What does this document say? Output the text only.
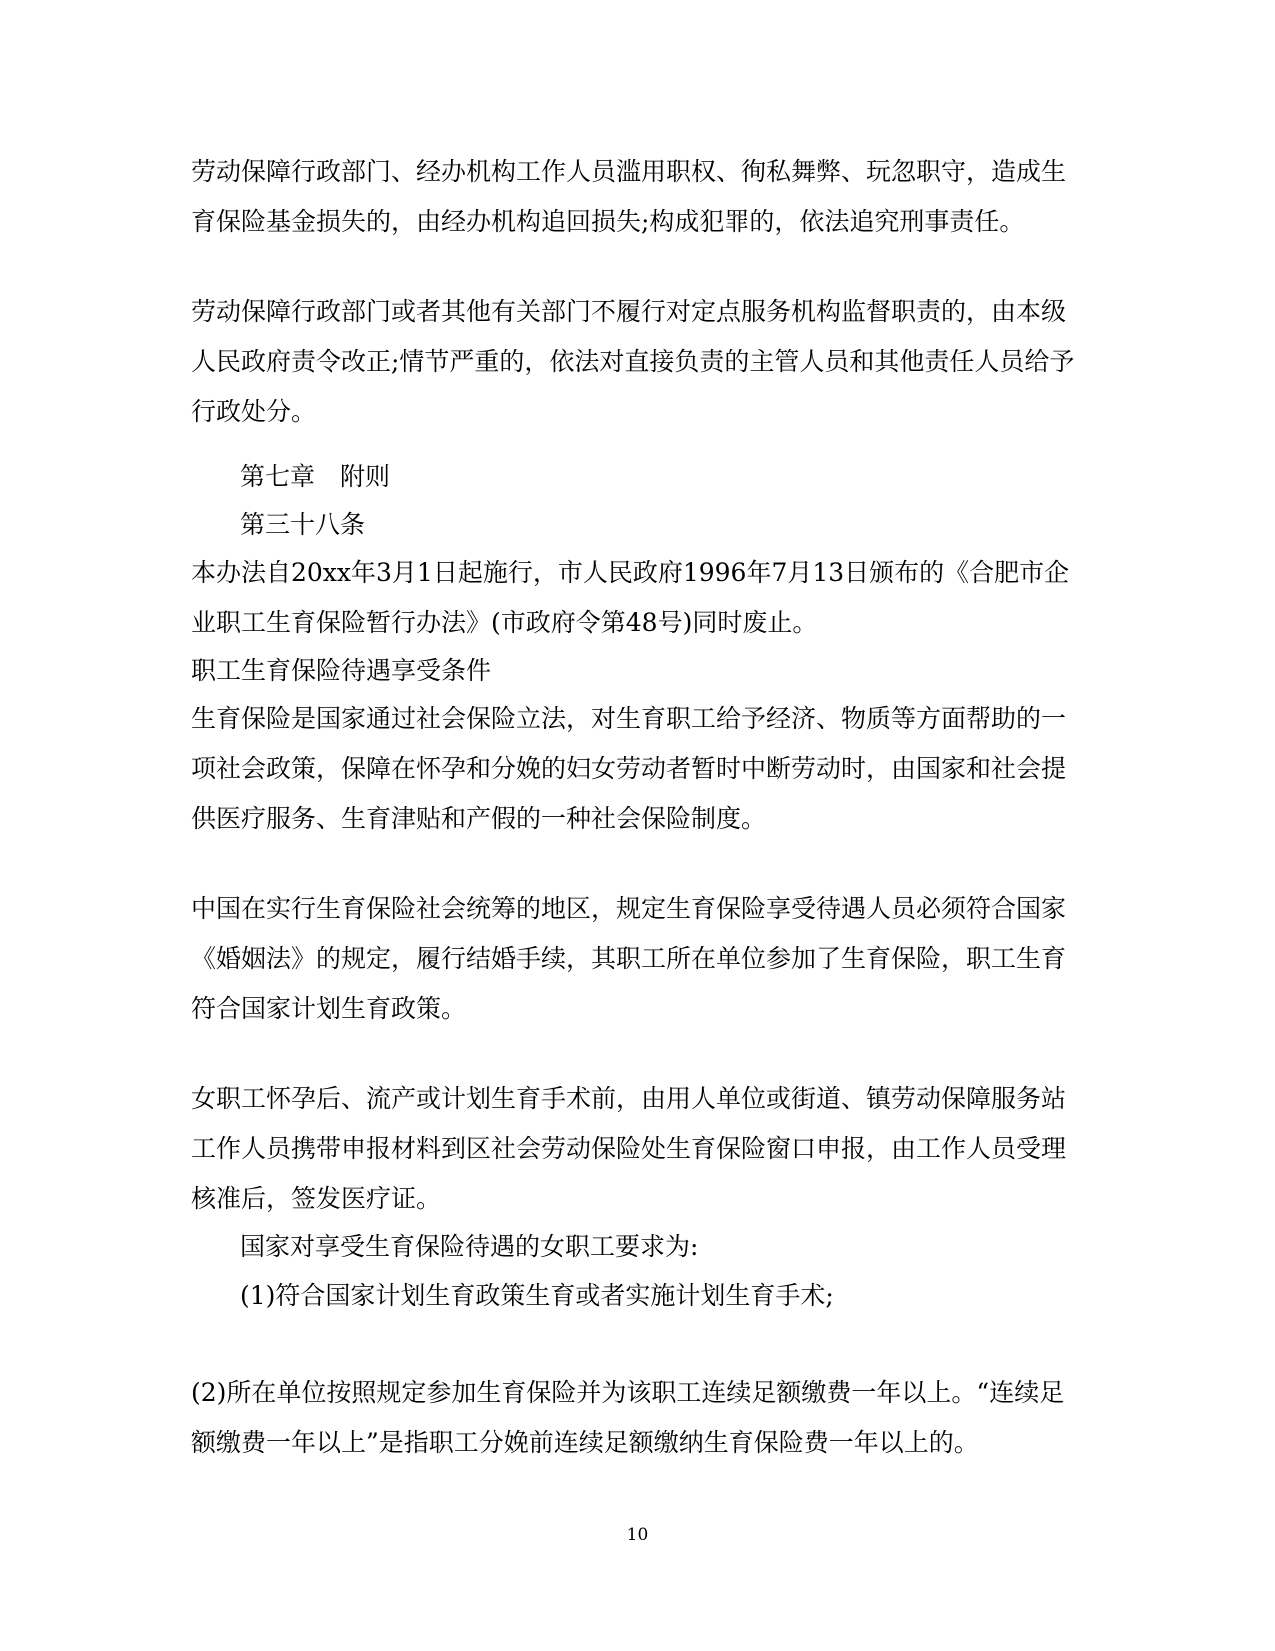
劳动保障行政部门、经办机构工作人员滥用职权、徇私舞弊、玩忽职守，造成生育保险基金损失的，由经办机构追回损失;构成犯罪的，依法追究刑事责任。

劳动保障行政部门或者其他有关部门不履行对定点服务机构监督职责的，由本级人民政府责令改正;情节严重的，依法对直接负责的主管人员和其他责任人员给予行政处分。

第七章　附则

第三十八条

本办法自20xx年3月1日起施行，市人民政府1996年7月13日颁布的《合肥市企业职工生育保险暂行办法》(市政府令第48号)同时废止。

职工生育保险待遇享受条件

生育保险是国家通过社会保险立法，对生育职工给予经济、物质等方面帮助的一项社会政策，保障在怀孕和分娩的妇女劳动者暂时中断劳动时，由国家和社会提供医疗服务、生育津贴和产假的一种社会保险制度。

中国在实行生育保险社会统筹的地区，规定生育保险享受待遇人员必须符合国家《婚姻法》的规定，履行结婚手续，其职工所在单位参加了生育保险，职工生育符合国家计划生育政策。

女职工怀孕后、流产或计划生育手术前，由用人单位或街道、镇劳动保障服务站工作人员携带申报材料到区社会劳动保险处生育保险窗口申报，由工作人员受理核准后，签发医疗证。

国家对享受生育保险待遇的女职工要求为:

(1)符合国家计划生育政策生育或者实施计划生育手术;

(2)所在单位按照规定参加生育保险并为该职工连续足额缴费一年以上。“连续足额缴费一年以上”是指职工分娩前连续足额缴纳生育保险费一年以上的。

10
